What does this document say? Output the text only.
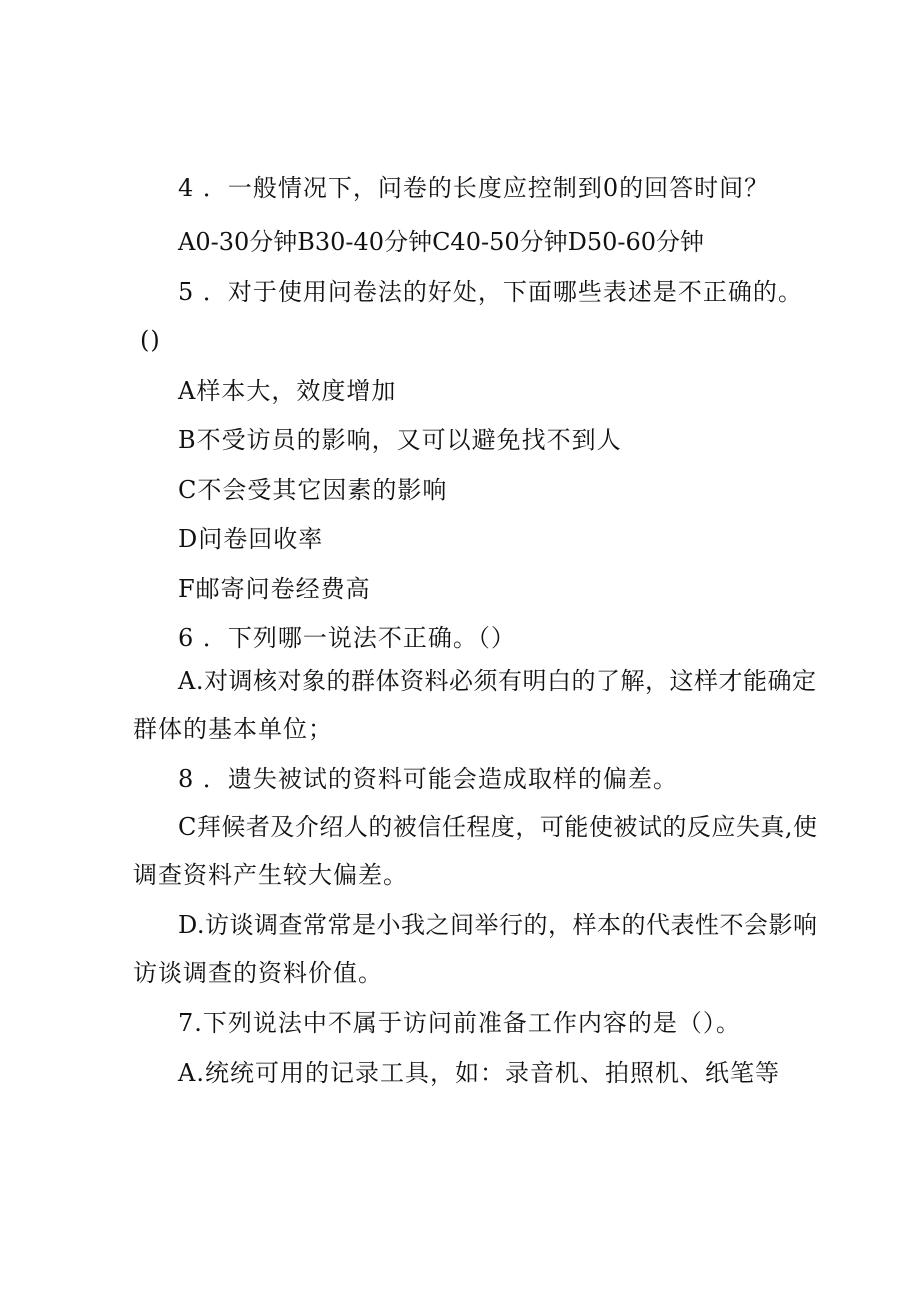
4 ．一般情况下，问卷的长度应控制到0的回答时间？
A0-30分钟B30-40分钟C40-50分钟D50-60分钟
5 ．对于使用问卷法的好处，下面哪些表述是不正确的。
()
A样本大，效度增加
B不受访员的影响，又可以避免找不到人
C不会受其它因素的影响
D问卷回收率
F邮寄问卷经费高
6 ．下列哪一说法不正确。（）
A.对调核对象的群体资料必须有明白的了解，这样才能确定
群体的基本单位；
8 ．遗失被试的资料可能会造成取样的偏差。
C拜候者及介绍人的被信任程度，可能使被试的反应失真,使
调查资料产生较大偏差。
D.访谈调查常常是小我之间举行的，样本的代表性不会影响
访谈调查的资料价值。
7.下列说法中不属于访问前准备工作内容的是（）。
A.统统可用的记录工具，如：录音机、拍照机、纸笔等
